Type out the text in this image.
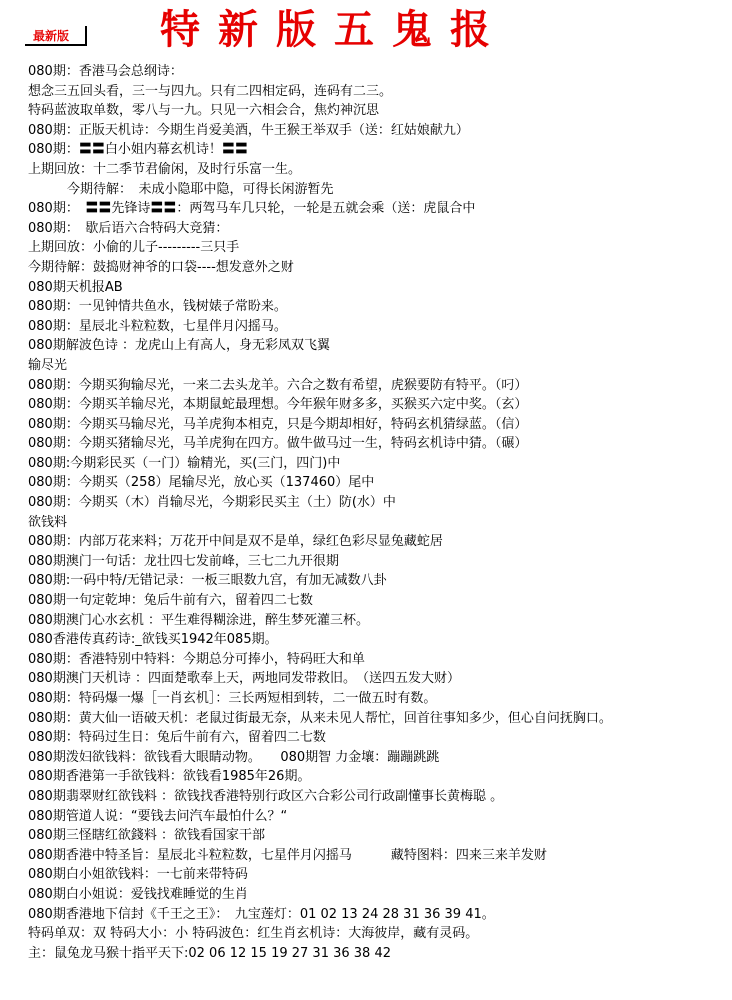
最新版	特新版五鬼报
080期：香港马会总纲诗：
想念三五回头看，三一与四九。只有二四相定码，连码有二三。
特码蓝波取单数，零八与一九。只见一六相会合，焦灼神沉思
080期：正版天机诗：今期生肖爱美酒，牛王猴王举双手（送：红姑娘献九）
080期：〓〓白小姐内幕玄机诗！〓〓
上期回放：十二季节君偷闲，及时行乐富一生。
　　　今期待解：　未成小隐耶中隐，可得长闲游暂先
080期：　〓〓先锋诗〓〓：两驾马车几只轮，一轮是五就会乘（送：虎鼠合中
080期：　歇后语六合特码大竞猜：
上期回放：小偷的儿子---------三只手
今期待解：鼓捣财神爷的口袋----想发意外之财
080期天机报AB
080期：一见钟情共鱼水，钱树婊子常盼来。
080期：星辰北斗粒粒数，七星伴月闪摇马。
080期解波色诗 ：龙虎山上有高人，身无彩凤双飞翼
输尽光
080期：今期买狗输尽光，一来二去头龙羊。六合之数有希望，虎猴要防有特平。（叼）
080期：今期买羊输尽光，本期鼠蛇最理想。今年猴年财多多，买猴买六定中奖。（玄）
080期：今期买马输尽光，马羊虎狗本相克，只是今期却相好，特码玄机猜绿蓝。（信）
080期：今期买猪输尽光，马羊虎狗在四方。做牛做马过一生，特码玄机诗中猜。（碾）
080期:今期彩民买（一门）输精光，买(三门，四门)中
080期：今期买（258）尾输尽光，放心买（137460）尾中
080期：今期买（木）肖输尽光，今期彩民买主（土）防(水）中
欲钱料
080期：内部万花来料；万花开中间是双不是单，绿红色彩尽显兔藏蛇居
080期澳门一句话：龙壮四七发前峰，三七二九开很期
080期:一码中特/无错记录：一板三眼数九宫，有加无减数八卦
080期一句定乾坤：兔后牛前有六，留着四二七数
080期澳门心水玄机 ：平生难得糊涂进，醉生梦死灌三杯。
080香港传真药诗:_欲钱买1942年085期。
080期：香港特别中特料：今期总分可捧小，特码旺大和单
080期澳门天机诗 ：四面楚歌奉上天，两地同发带救旧。　（送四五发大财）
080期：特码爆一爆［一肖玄机］：三长两短相到转，二一做五时有数。
080期：黄大仙一语破天机：老鼠过街最无奈，从来未见人帮忙，回首往事知多少，但心自问抚胸口。
080期：特码过生日：兔后牛前有六，留着四二七数
080期泼妇欲钱料：欲钱看大眼睛动物。　　080期智 力金壤：蹦蹦跳跳
080期香港第一手欲钱料：欲钱看1985年26期。
080期翡翠财红欲钱料 ：欲钱找香港特别行政区六合彩公司行政副懂事长黄梅聪 。
080期管道人说：“要钱去问汽车最怕什么？“
080期三怪瞎红欲錢料 ：欲钱看国家干部
080期香港中特圣旨：星辰北斗粒粒数，七星伴月闪摇马　　　藏特图料：四来三来羊发财
080期白小姐欲钱料：一七前来带特码
080期白小姐说：爱钱找难睡觉的生肖
080期香港地下信封《千王之王》：　九宝莲灯：01 02 13 24 28 31 36 39 41。
特码单双：双 特码大小：小 特码波色：红生肖玄机诗：大海彼岸，藏有灵码。
主：鼠兔龙马猴十指平天下:02 06 12 15 19 27 31 36 38 42
